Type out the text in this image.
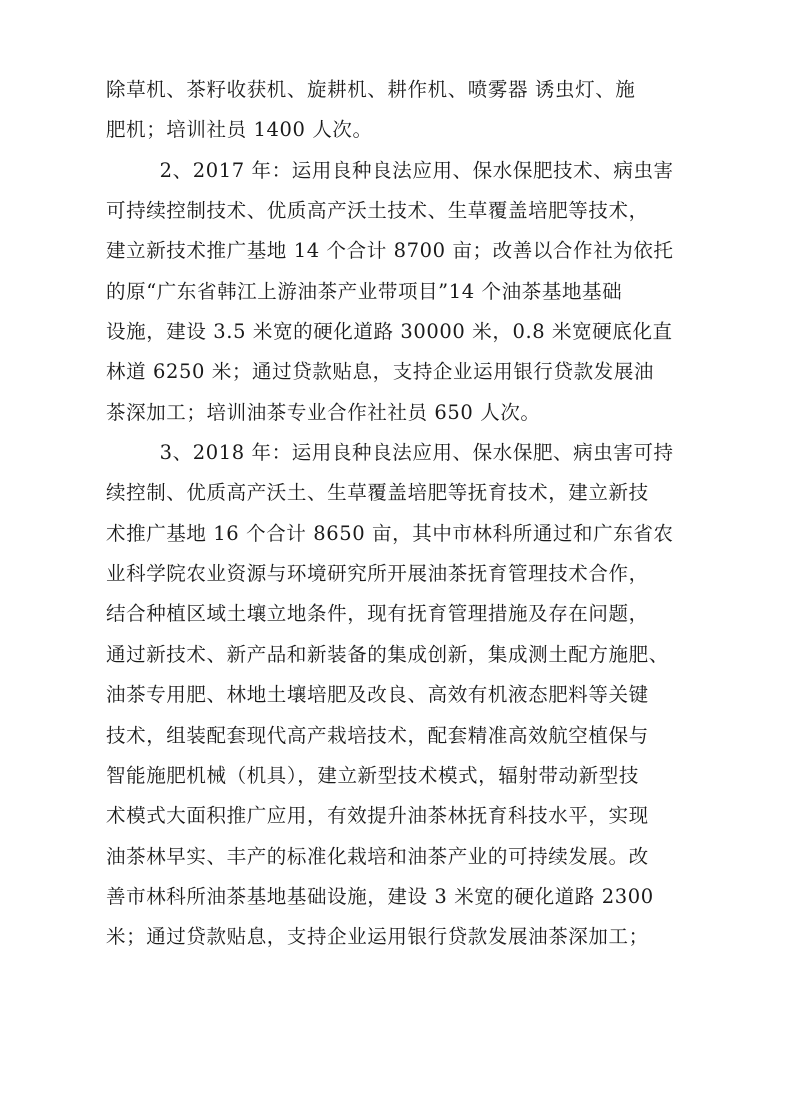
除草机、茶籽收获机、旋耕机、耕作机、喷雾器 诱虫灯、施
肥机；培训社员 1400 人次。

2、2017 年：运用良种良法应用、保水保肥技术、病虫害
可持续控制技术、优质高产沃土技术、生草覆盖培肥等技术，
建立新技术推广基地 14 个合计 8700 亩；改善以合作社为依托
的原“广东省韩江上游油茶产业带项目”14 个油茶基地基础
设施，建设 3.5 米宽的硬化道路 30000 米，0.8 米宽硬底化直
林道 6250 米；通过贷款贴息，支持企业运用银行贷款发展油
茶深加工；培训油茶专业合作社社员 650 人次。

3、2018 年：运用良种良法应用、保水保肥、病虫害可持
续控制、优质高产沃土、生草覆盖培肥等抚育技术，建立新技
术推广基地 16 个合计 8650 亩，其中市林科所通过和广东省农
业科学院农业资源与环境研究所开展油茶抚育管理技术合作，
结合种植区域土壤立地条件，现有抚育管理措施及存在问题，
通过新技术、新产品和新装备的集成创新，集成测土配方施肥、
油茶专用肥、林地土壤培肥及改良、高效有机液态肥料等关键
技术，组装配套现代高产栽培技术，配套精准高效航空植保与
智能施肥机械（机具），建立新型技术模式，辐射带动新型技
术模式大面积推广应用，有效提升油茶林抚育科技水平，实现
油茶林早实、丰产的标准化栽培和油茶产业的可持续发展。改
善市林科所油茶基地基础设施，建设 3 米宽的硬化道路 2300
米；通过贷款贴息，支持企业运用银行贷款发展油茶深加工；
